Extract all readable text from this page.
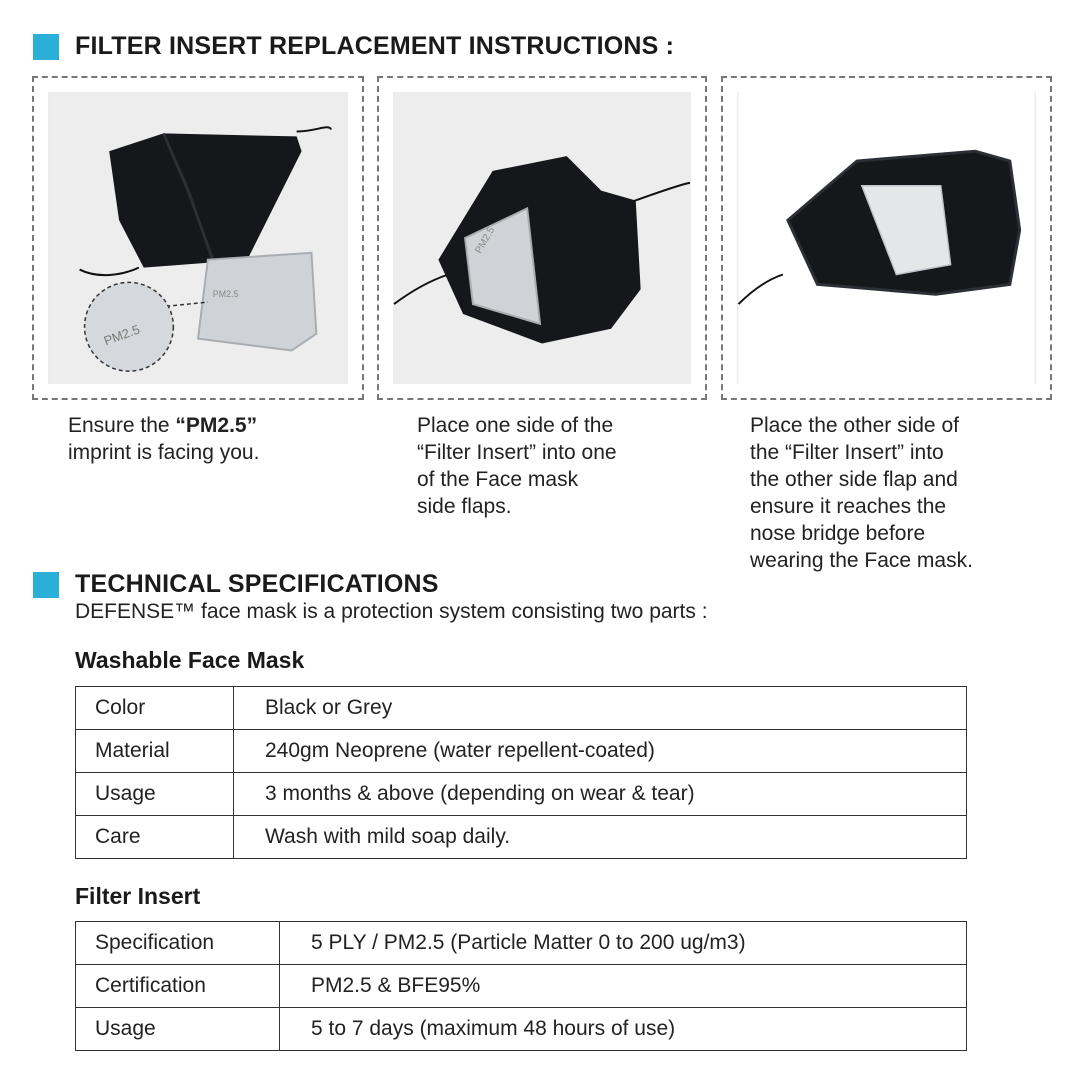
FILTER INSERT REPLACEMENT INSTRUCTIONS :
PM2.5
PM2.5
PM2.5
Ensure the “PM2.5”
imprint is facing you.
Place one side of the
“Filter Insert” into one
of the Face mask
side flaps.
Place the other side of
the “Filter Insert” into
the other side flap and
ensure it reaches the
nose bridge before
wearing the Face mask.
TECHNICAL SPECIFICATIONS
DEFENSE™ face mask is a protection system consisting two parts :
Washable Face Mask
Color	Black or Grey
Material	240gm Neoprene (water repellent-coated)
Usage	3 months & above (depending on wear & tear)
Care	Wash with mild soap daily.
Filter Insert
Specification	5 PLY / PM2.5 (Particle Matter 0 to 200 ug/m3)
Certification	PM2.5 & BFE95%
Usage	5 to 7 days (maximum 48 hours of use)
